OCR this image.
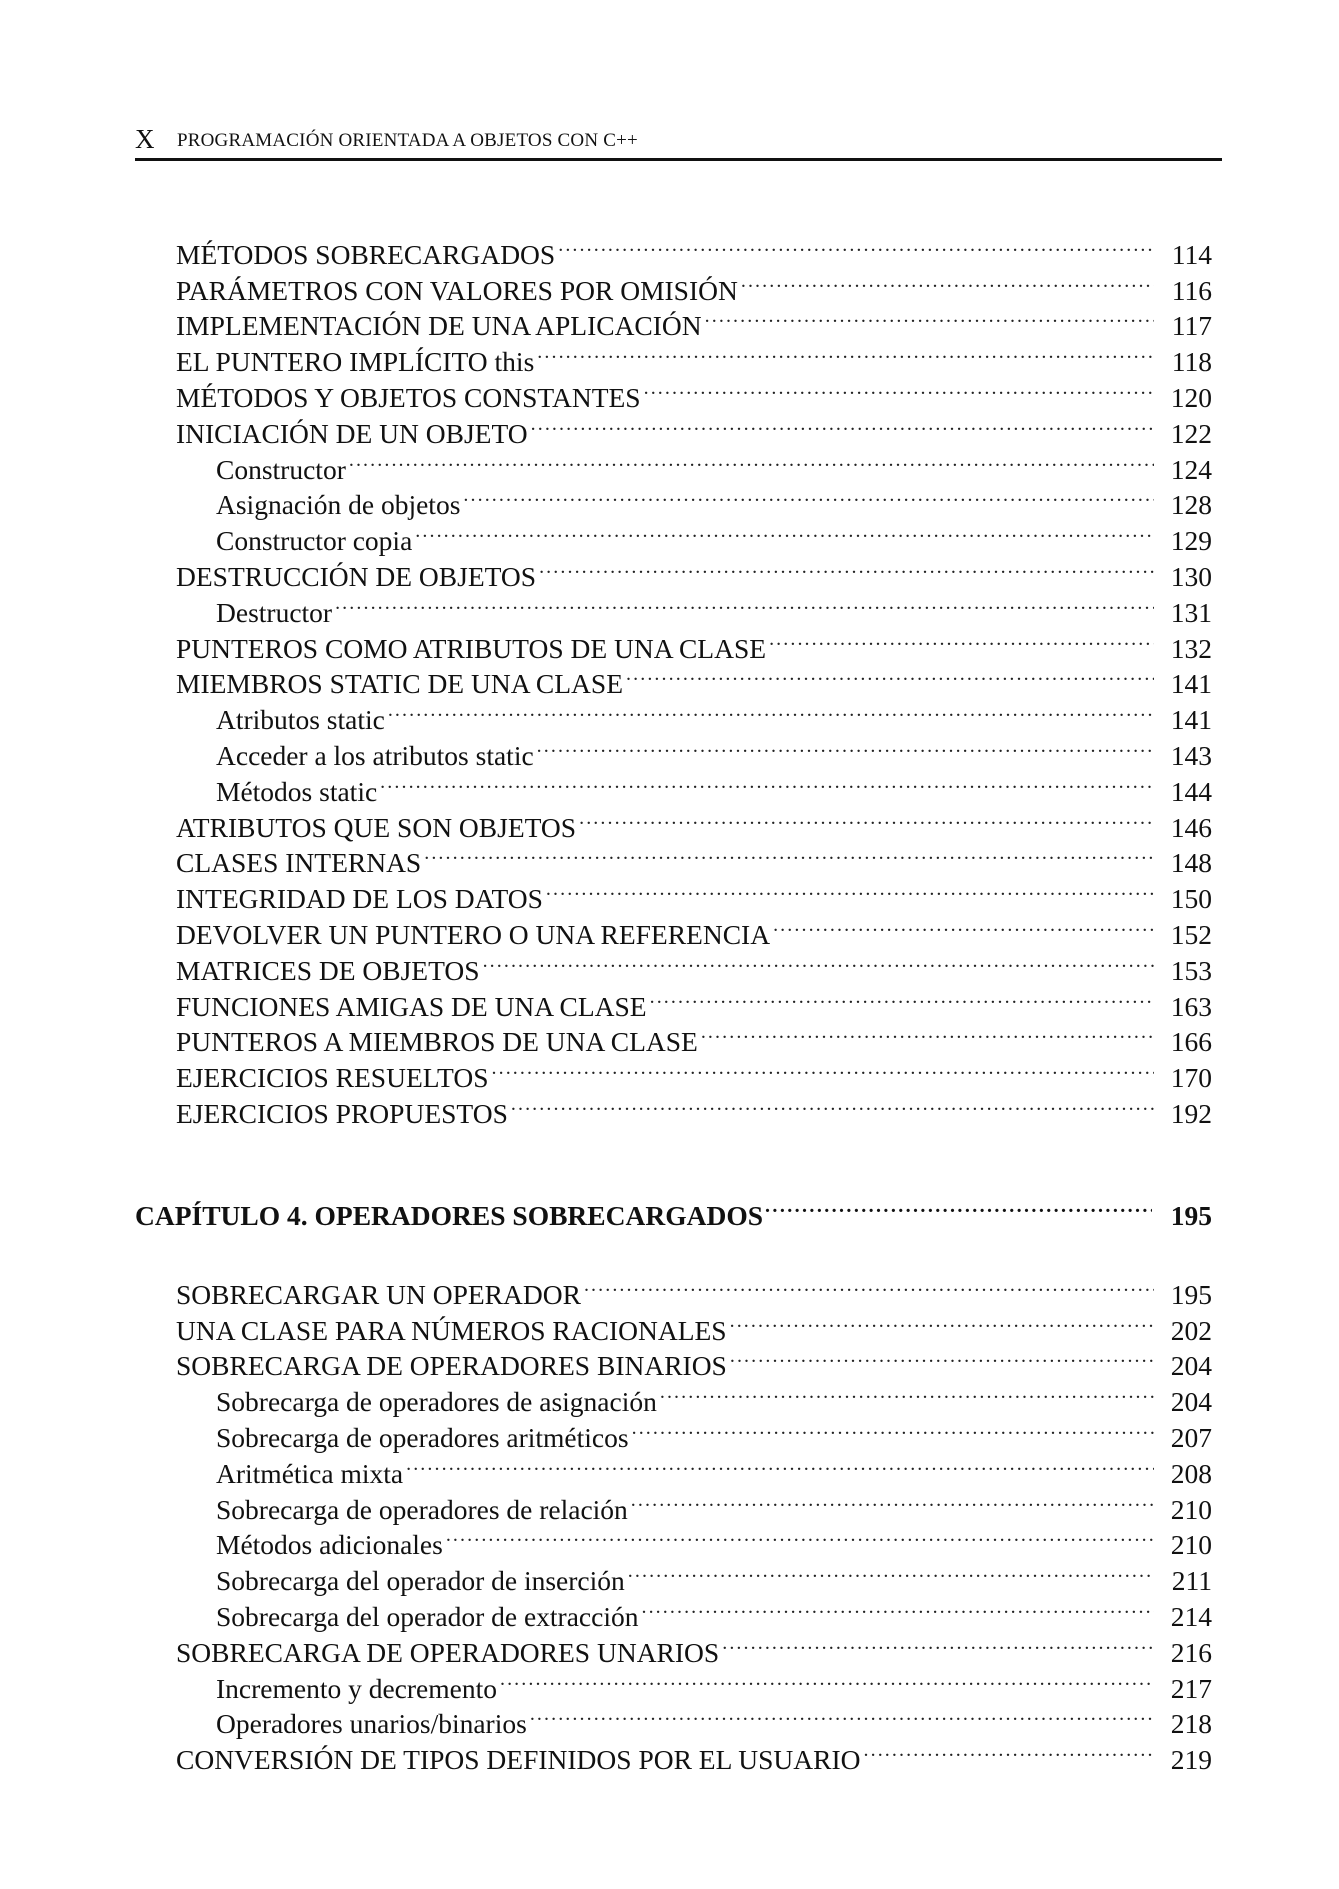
X PROGRAMACIÓN ORIENTADA A OBJETOS CON C++
MÉTODOS SOBRECARGADOS .....	114
PARÁMETROS CON VALORES POR OMISIÓN .....	116
IMPLEMENTACIÓN DE UNA APLICACIÓN .....	117
EL PUNTERO IMPLÍCITO this .....	118
MÉTODOS Y OBJETOS CONSTANTES .....	120
INICIACIÓN DE UN OBJETO .....	122
Constructor .....	124
Asignación de objetos .....	128
Constructor copia .....	129
DESTRUCCIÓN DE OBJETOS .....	130
Destructor .....	131
PUNTEROS COMO ATRIBUTOS DE UNA CLASE .....	132
MIEMBROS STATIC DE UNA CLASE .....	141
Atributos static .....	141
Acceder a los atributos static .....	143
Métodos static .....	144
ATRIBUTOS QUE SON OBJETOS .....	146
CLASES INTERNAS .....	148
INTEGRIDAD DE LOS DATOS .....	150
DEVOLVER UN PUNTERO O UNA REFERENCIA .....	152
MATRICES DE OBJETOS .....	153
FUNCIONES AMIGAS DE UNA CLASE .....	163
PUNTEROS A MIEMBROS DE UNA CLASE .....	166
EJERCICIOS RESUELTOS .....	170
EJERCICIOS PROPUESTOS .....	192
CAPÍTULO 4. OPERADORES SOBRECARGADOS .....	195
SOBRECARGAR UN OPERADOR .....	195
UNA CLASE PARA NÚMEROS RACIONALES .....	202
SOBRECARGA DE OPERADORES BINARIOS .....	204
Sobrecarga de operadores de asignación .....	204
Sobrecarga de operadores aritméticos .....	207
Aritmética mixta .....	208
Sobrecarga de operadores de relación .....	210
Métodos adicionales .....	210
Sobrecarga del operador de inserción .....	211
Sobrecarga del operador de extracción .....	214
SOBRECARGA DE OPERADORES UNARIOS .....	216
Incremento y decremento .....	217
Operadores unarios/binarios .....	218
CONVERSIÓN DE TIPOS DEFINIDOS POR EL USUARIO .....	219
